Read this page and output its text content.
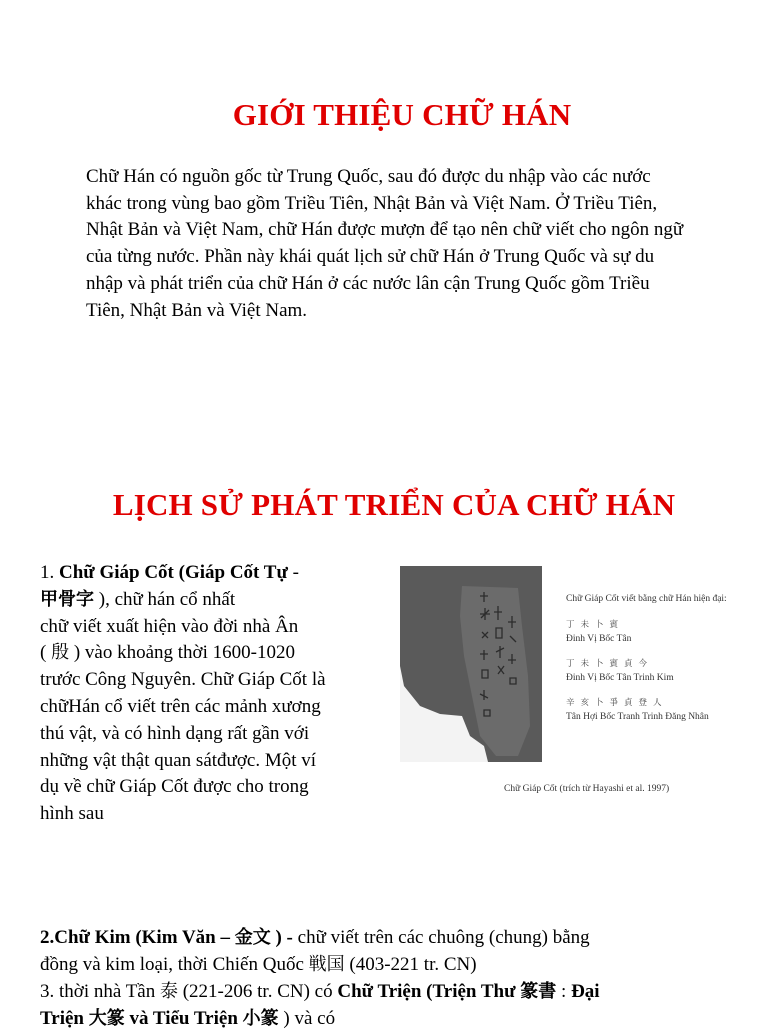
GIỚI THIỆU CHỮ HÁN
Chữ Hán có nguồn gốc từ Trung Quốc, sau đó được du nhập vào các nước khác trong vùng bao gồm Triều Tiên, Nhật Bản và Việt Nam. Ở Triều Tiên, Nhật Bản và Việt Nam, chữ Hán được mượn để tạo nên chữ viết cho ngôn ngữ của từng nước. Phần này khái quát lịch sử chữ Hán ở Trung Quốc và sự du nhập và phát triển của chữ Hán ở các nước lân cận Trung Quốc gồm Triều Tiên, Nhật Bản và Việt Nam.
LỊCH SỬ PHÁT TRIỂN CỦA CHỮ HÁN
1. Chữ Giáp Cốt (Giáp Cốt Tự -
甲骨字 ), chữ hán cổ nhất
chữ viết xuất hiện vào đời nhà Ân
( 殷 ) vào khoảng thời 1600-1020
trước Công Nguyên. Chữ Giáp Cốt là
chữHán cổ viết trên các mảnh xương
thú vật, và có hình dạng rất gần với
những vật thật quan sátđược. Một ví
dụ về chữ Giáp Cốt được cho trong
hình sau
Chữ Giáp Cốt viết bằng chữ Hán hiện đại:
丁未卜賓
Đinh Vị Bốc Tân
丁未卜賓貞今
Đinh Vị Bốc Tân Trinh Kim
辛亥卜爭貞登人
Tân Hợi Bốc Tranh Trinh Đăng Nhân
Chữ Giáp Cốt (trích từ Hayashi et al. 1997)
2.Chữ Kim (Kim Văn – 金文 ) - chữ viết trên các chuông (chung) bằng
đồng và kim loại, thời Chiến Quốc 戦国 (403-221 tr. CN)
3. thời nhà Tần 泰 (221-206 tr. CN) có Chữ Triện (Triện Thư 篆書 : Đại
Triện 大篆 và Tiểu Triện 小篆 ) và có
